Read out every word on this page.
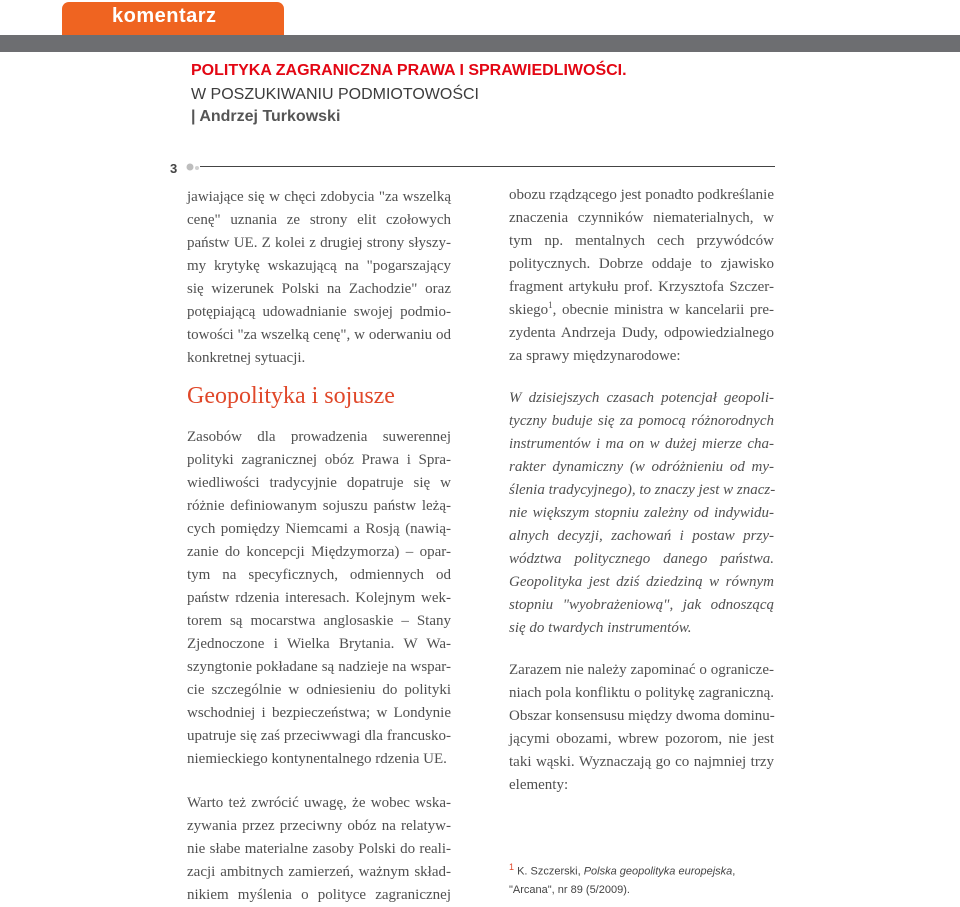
komentarz
POLITYKA ZAGRANICZNA PRAWA I SPRAWIEDLIWOŚCI.
W POSZUKIWANIU PODMIOTOWOŚCI
| Andrzej Turkowski
3
jawiające się w chęci zdobycia "za wszelką
cenę" uznania ze strony elit czołowych
państw UE. Z kolei z drugiej strony słyszy-
my krytykę wskazującą na "pogarszający
się wizerunek Polski na Zachodzie" oraz
potępiającą udowadnianie swojej podmio-
towości "za wszelką cenę", w oderwaniu od
konkretnej sytuacji.
Geopolityka i sojusze
Zasobów dla prowadzenia suwerennej
polityki zagranicznej obóz Prawa i Spra-
wiedliwości tradycyjnie dopatruje się w
różnie definiowanym sojuszu państw leżą-
cych pomiędzy Niemcami a Rosją (nawią-
zanie do koncepcji Międzymorza) – opar-
tym na specyficznych, odmiennych od
państw rdzenia interesach. Kolejnym wek-
torem są mocarstwa anglosaskie – Stany
Zjednoczone i Wielka Brytania. W Wa-
szyngtonie pokładane są nadzieje na wspar-
cie szczególnie w odniesieniu do polityki
wschodniej i bezpieczeństwa; w Londynie
upatruje się zaś przeciwwagi dla francusko-
niemieckiego kontynentalnego rdzenia UE.
Warto też zwrócić uwagę, że wobec wska-
zywania przez przeciwny obóz na relatyw-
nie słabe materialne zasoby Polski do reali-
zacji ambitnych zamierzeń, ważnym skład-
nikiem myślenia o polityce zagranicznej
obozu rządzącego jest ponadto podkreślanie
znaczenia czynników niematerialnych, w
tym np. mentalnych cech przywódców
politycznych. Dobrze oddaje to zjawisko
fragment artykułu prof. Krzysztofa Szczer-
skiego$^1$, obecnie ministra w kancelarii pre-
zydenta Andrzeja Dudy, odpowiedzialnego
za sprawy międzynarodowe:
W dzisiejszych czasach potencjał geopoli-
tyczny buduje się za pomocą różnorodnych
instrumentów i ma on w dużej mierze cha-
rakter dynamiczny (w odróżnieniu od my-
ślenia tradycyjnego), to znaczy jest w znacz-
nie większym stopniu zależny od indywidu-
alnych decyzji, zachowań i postaw przy-
wództwa politycznego danego państwa.
Geopolityka jest dziś dziedziną w równym
stopniu "wyobrażeniową", jak odnoszącą
się do twardych instrumentów.
Zarazem nie należy zapominać o ogranicze-
niach pola konfliktu o politykę zagraniczną.
Obszar konsensusu między dwoma dominu-
jącymi obozami, wbrew pozorom, nie jest
taki wąski. Wyznaczają go co najmniej trzy
elementy:
$^1$ K. Szczerski, Polska geopolityka europejska,
"Arcana", nr 89 (5/2009).
